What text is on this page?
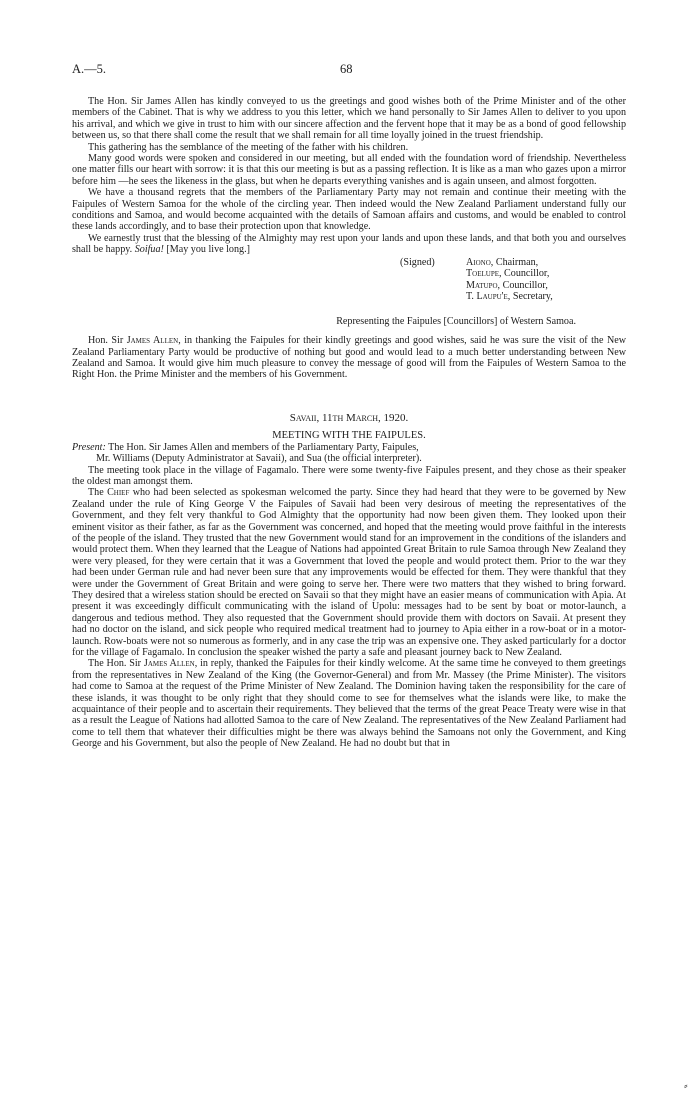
A.—5.	68

The Hon. Sir James Allen has kindly conveyed to us the greetings and good wishes both of the Prime Minister and of the other members of the Cabinet. That is why we address to you this letter, which we hand personally to Sir James Allen to deliver to you upon his arrival, and which we give in trust to him with our sincere affection and the fervent hope that it may be as a bond of good fellowship between us, so that there shall come the result that we shall remain for all time loyally joined in the truest friendship.

This gathering has the semblance of the meeting of the father with his children.

Many good words were spoken and considered in our meeting, but all ended with the foundation word of friendship. Nevertheless one matter fills our heart with sorrow: it is that this our meeting is but as a passing reflection. It is like as a man who gazes upon a mirror before him —he sees the likeness in the glass, but when he departs everything vanishes and is again unseen, and almost forgotten.

We have a thousand regrets that the members of the Parliamentary Party may not remain and continue their meeting with the Faipules of Western Samoa for the whole of the circling year. Then indeed would the New Zealand Parliament understand fully our conditions and Samoa, and would become acquainted with the details of Samoan affairs and customs, and would be enabled to control these lands accordingly, and to base their protection upon that knowledge.

We earnestly trust that the blessing of the Almighty may rest upon your lands and upon these lands, and that both you and ourselves shall be happy. Soifua! [May you live long.]

(Signed)	Aiono, Chairman,
Toelupe, Councillor,
Matupo, Councillor,
T. Laupu'e, Secretary,
Representing the Faipules [Councillors] of Western Samoa.

Hon. Sir James Allen, in thanking the Faipules for their kindly greetings and good wishes, said he was sure the visit of the New Zealand Parliamentary Party would be productive of nothing but good and would lead to a much better understanding between New Zealand and Samoa. It would give him much pleasure to convey the message of good will from the Faipules of Western Samoa to the Right Hon. the Prime Minister and the members of his Government.

Savaii, 11th March, 1920.
MEETING WITH THE FAIPULES.

Present: The Hon. Sir James Allen and members of the Parliamentary Party, Faipules,

Mr. Williams (Deputy Administrator at Savaii), and Sua (the official interpreter).

The meeting took place in the village of Fagamalo. There were some twenty-five Faipules present, and they chose as their speaker the oldest man amongst them.

The Chief who had been selected as spokesman welcomed the party. Since they had heard that they were to be governed by New Zealand under the rule of King George V the Faipules of Savaii had been very desirous of meeting the representatives of the Government, and they felt very thankful to God Almighty that the opportunity had now been given them. They looked upon their eminent visitor as their father, as far as the Government was concerned, and hoped that the meeting would prove faithful in the interests of the people of the island. They trusted that the new Government would stand for an improvement in the conditions of the islanders and would protect them. When they learned that the League of Nations had appointed Great Britain to rule Samoa through New Zealand they were very pleased, for they were certain that it was a Government that loved the people and would protect them. Prior to the war they had been under German rule and had never been sure that any improvements would be effected for them. They were thankful that they were under the Government of Great Britain and were going to serve her. There were two matters that they wished to bring forward. They desired that a wireless station should be erected on Savaii so that they might have an easier means of communication with Apia. At present it was exceedingly difficult communicating with the island of Upolu: messages had to be sent by boat or motor-launch, a dangerous and tedious method. They also requested that the Government should provide them with doctors on Savaii. At present they had no doctor on the island, and sick people who required medical treatment had to journey to Apia either in a row-boat or in a motor-launch. Row-boats were not so numerous as formerly, and in any case the trip was an expensive one. They asked particularly for a doctor for the village of Fagamalo. In conclusion the speaker wished the party a safe and pleasant journey back to New Zealand.

The Hon. Sir James Allen, in reply, thanked the Faipules for their kindly welcome. At the same time he conveyed to them greetings from the representatives in New Zealand of the King (the Governor-General) and from Mr. Massey (the Prime Minister). The visitors had come to Samoa at the request of the Prime Minister of New Zealand. The Dominion having taken the responsibility for the care of these islands, it was thought to be only right that they should come to see for themselves what the islands were like, to make the acquaintance of their people and to ascertain their requirements. They believed that the terms of the great Peace Treaty were wise in that as a result the League of Nations had allotted Samoa to the care of New Zealand. The representatives of the New Zealand Parliament had come to tell them that whatever their difficulties might be there was always behind the Samoans not only the Government, and King George and his Government, but also the people of New Zealand. He had no doubt but that in

⸗
